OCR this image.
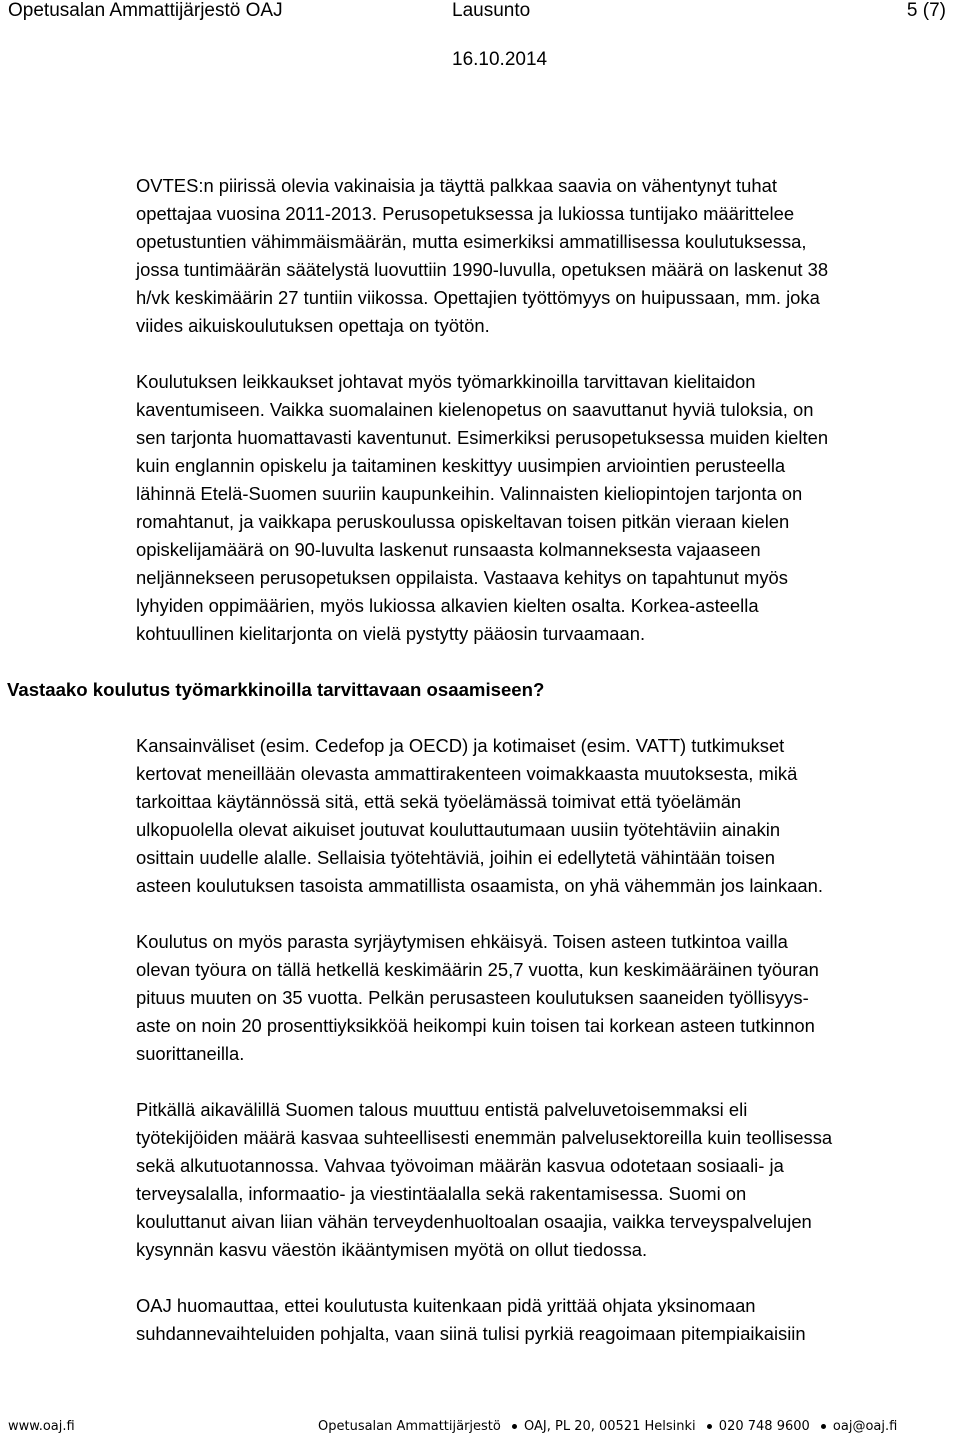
Opetusalan Ammattijärjestö OAJ	Lausunto	5 (7)
16.10.2014

OVTES:n piirissä olevia vakinaisia ja täyttä palkkaa saavia on vähentynyt tuhat
opettajaa vuosina 2011-2013. Perusopetuksessa ja lukiossa tuntijako määrittelee
opetustuntien vähimmäismäärän, mutta esimerkiksi ammatillisessa koulutuksessa,
jossa tuntimäärän säätelystä luovuttiin 1990-luvulla, opetuksen määrä on laskenut 38
h/vk keskimäärin 27 tuntiin viikossa. Opettajien työttömyys on huipussaan, mm. joka
viides aikuiskoulutuksen opettaja on työtön.

Koulutuksen leikkaukset johtavat myös työmarkkinoilla tarvittavan kielitaidon
kaventumiseen. Vaikka suomalainen kielenopetus on saavuttanut hyviä tuloksia, on
sen tarjonta huomattavasti kaventunut. Esimerkiksi perusopetuksessa muiden kielten
kuin englannin opiskelu ja taitaminen keskittyy uusimpien arviointien perusteella
lähinnä Etelä-Suomen suuriin kaupunkeihin. Valinnaisten kieliopintojen tarjonta on
romahtanut, ja vaikkapa peruskoulussa opiskeltavan toisen pitkän vieraan kielen
opiskelijamäärä on 90-luvulta laskenut runsaasta kolmanneksesta vajaaseen
neljännekseen perusopetuksen oppilaista. Vastaava kehitys on tapahtunut myös
lyhyiden oppimäärien, myös lukiossa alkavien kielten osalta. Korkea-asteella
kohtuullinen kielitarjonta on vielä pystytty pääosin turvaamaan.

Vastaako koulutus työmarkkinoilla tarvittavaan osaamiseen?

Kansainväliset (esim. Cedefop ja OECD) ja kotimaiset (esim. VATT) tutkimukset
kertovat meneillään olevasta ammattirakenteen voimakkaasta muutoksesta, mikä
tarkoittaa käytännössä sitä, että sekä työelämässä toimivat että työelämän
ulkopuolella olevat aikuiset joutuvat kouluttautumaan uusiin työtehtäviin ainakin
osittain uudelle alalle. Sellaisia työtehtäviä, joihin ei edellytetä vähintään toisen
asteen koulutuksen tasoista ammatillista osaamista, on yhä vähemmän jos lainkaan.

Koulutus on myös parasta syrjäytymisen ehkäisyä. Toisen asteen tutkintoa vailla
olevan työura on tällä hetkellä keskimäärin 25,7 vuotta, kun keskimääräinen työuran
pituus muuten on 35 vuotta. Pelkän perusasteen koulutuksen saaneiden työllisyys-
aste on noin 20 prosenttiyksikköä heikompi kuin toisen tai korkean asteen tutkinnon
suorittaneilla.

Pitkällä aikavälillä Suomen talous muuttuu entistä palveluvetoisemmaksi eli
työtekijöiden määrä kasvaa suhteellisesti enemmän palvelusektoreilla kuin teollisessa
sekä alkutuotannossa. Vahvaa työvoiman määrän kasvua odotetaan sosiaali- ja
terveysalalla, informaatio- ja viestintäalalla sekä rakentamisessa. Suomi on
kouluttanut aivan liian vähän terveydenhuoltoalan osaajia, vaikka terveyspalvelujen
kysynnän kasvu väestön ikääntymisen myötä on ollut tiedossa.

OAJ huomauttaa, ettei koulutusta kuitenkaan pidä yrittää ohjata yksinomaan
suhdannevaihteluiden pohjalta, vaan siinä tulisi pyrkiä reagoimaan pitempiaikaisiin

www.oaj.fi	Opetusalan Ammattijärjestö OAJ, PL 20, 00521 Helsinki 020 748 9600 oaj@oaj.fi
